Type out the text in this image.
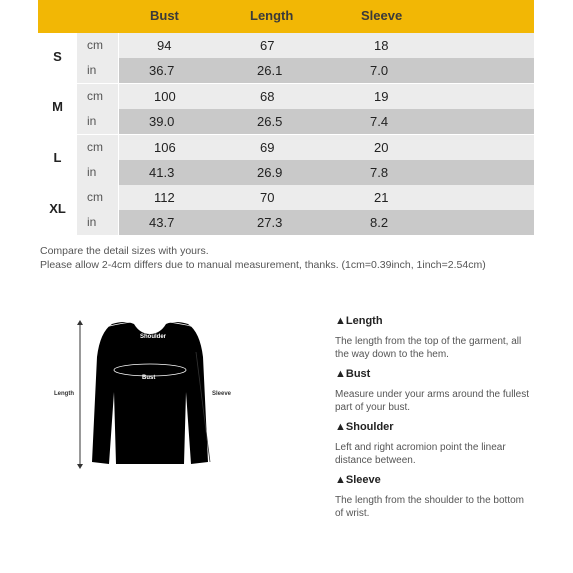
Bust	Length	Sleeve
S
cm	94	67	18
in	36.7	26.1	7.0
M
cm	100	68	19
in	39.0	26.5	7.4
L
cm	106	69	20
in	41.3	26.9	7.8
XL
cm	112	70	21
in	43.7	27.3	8.2
Compare the detail sizes with yours.
Please allow 2-4cm differs due to manual measurement, thanks. (1cm=0.39inch, 1inch=2.54cm)
Shoulder
Bust
Length	Sleeve
▲Length
The length from the top of the garment, all the way down to the hem.
▲Bust
Measure under your arms around the fullest part of your bust.
▲Shoulder
Left and right acromion point the linear distance between.
▲Sleeve
The length from the shoulder to the bottom of wrist.
